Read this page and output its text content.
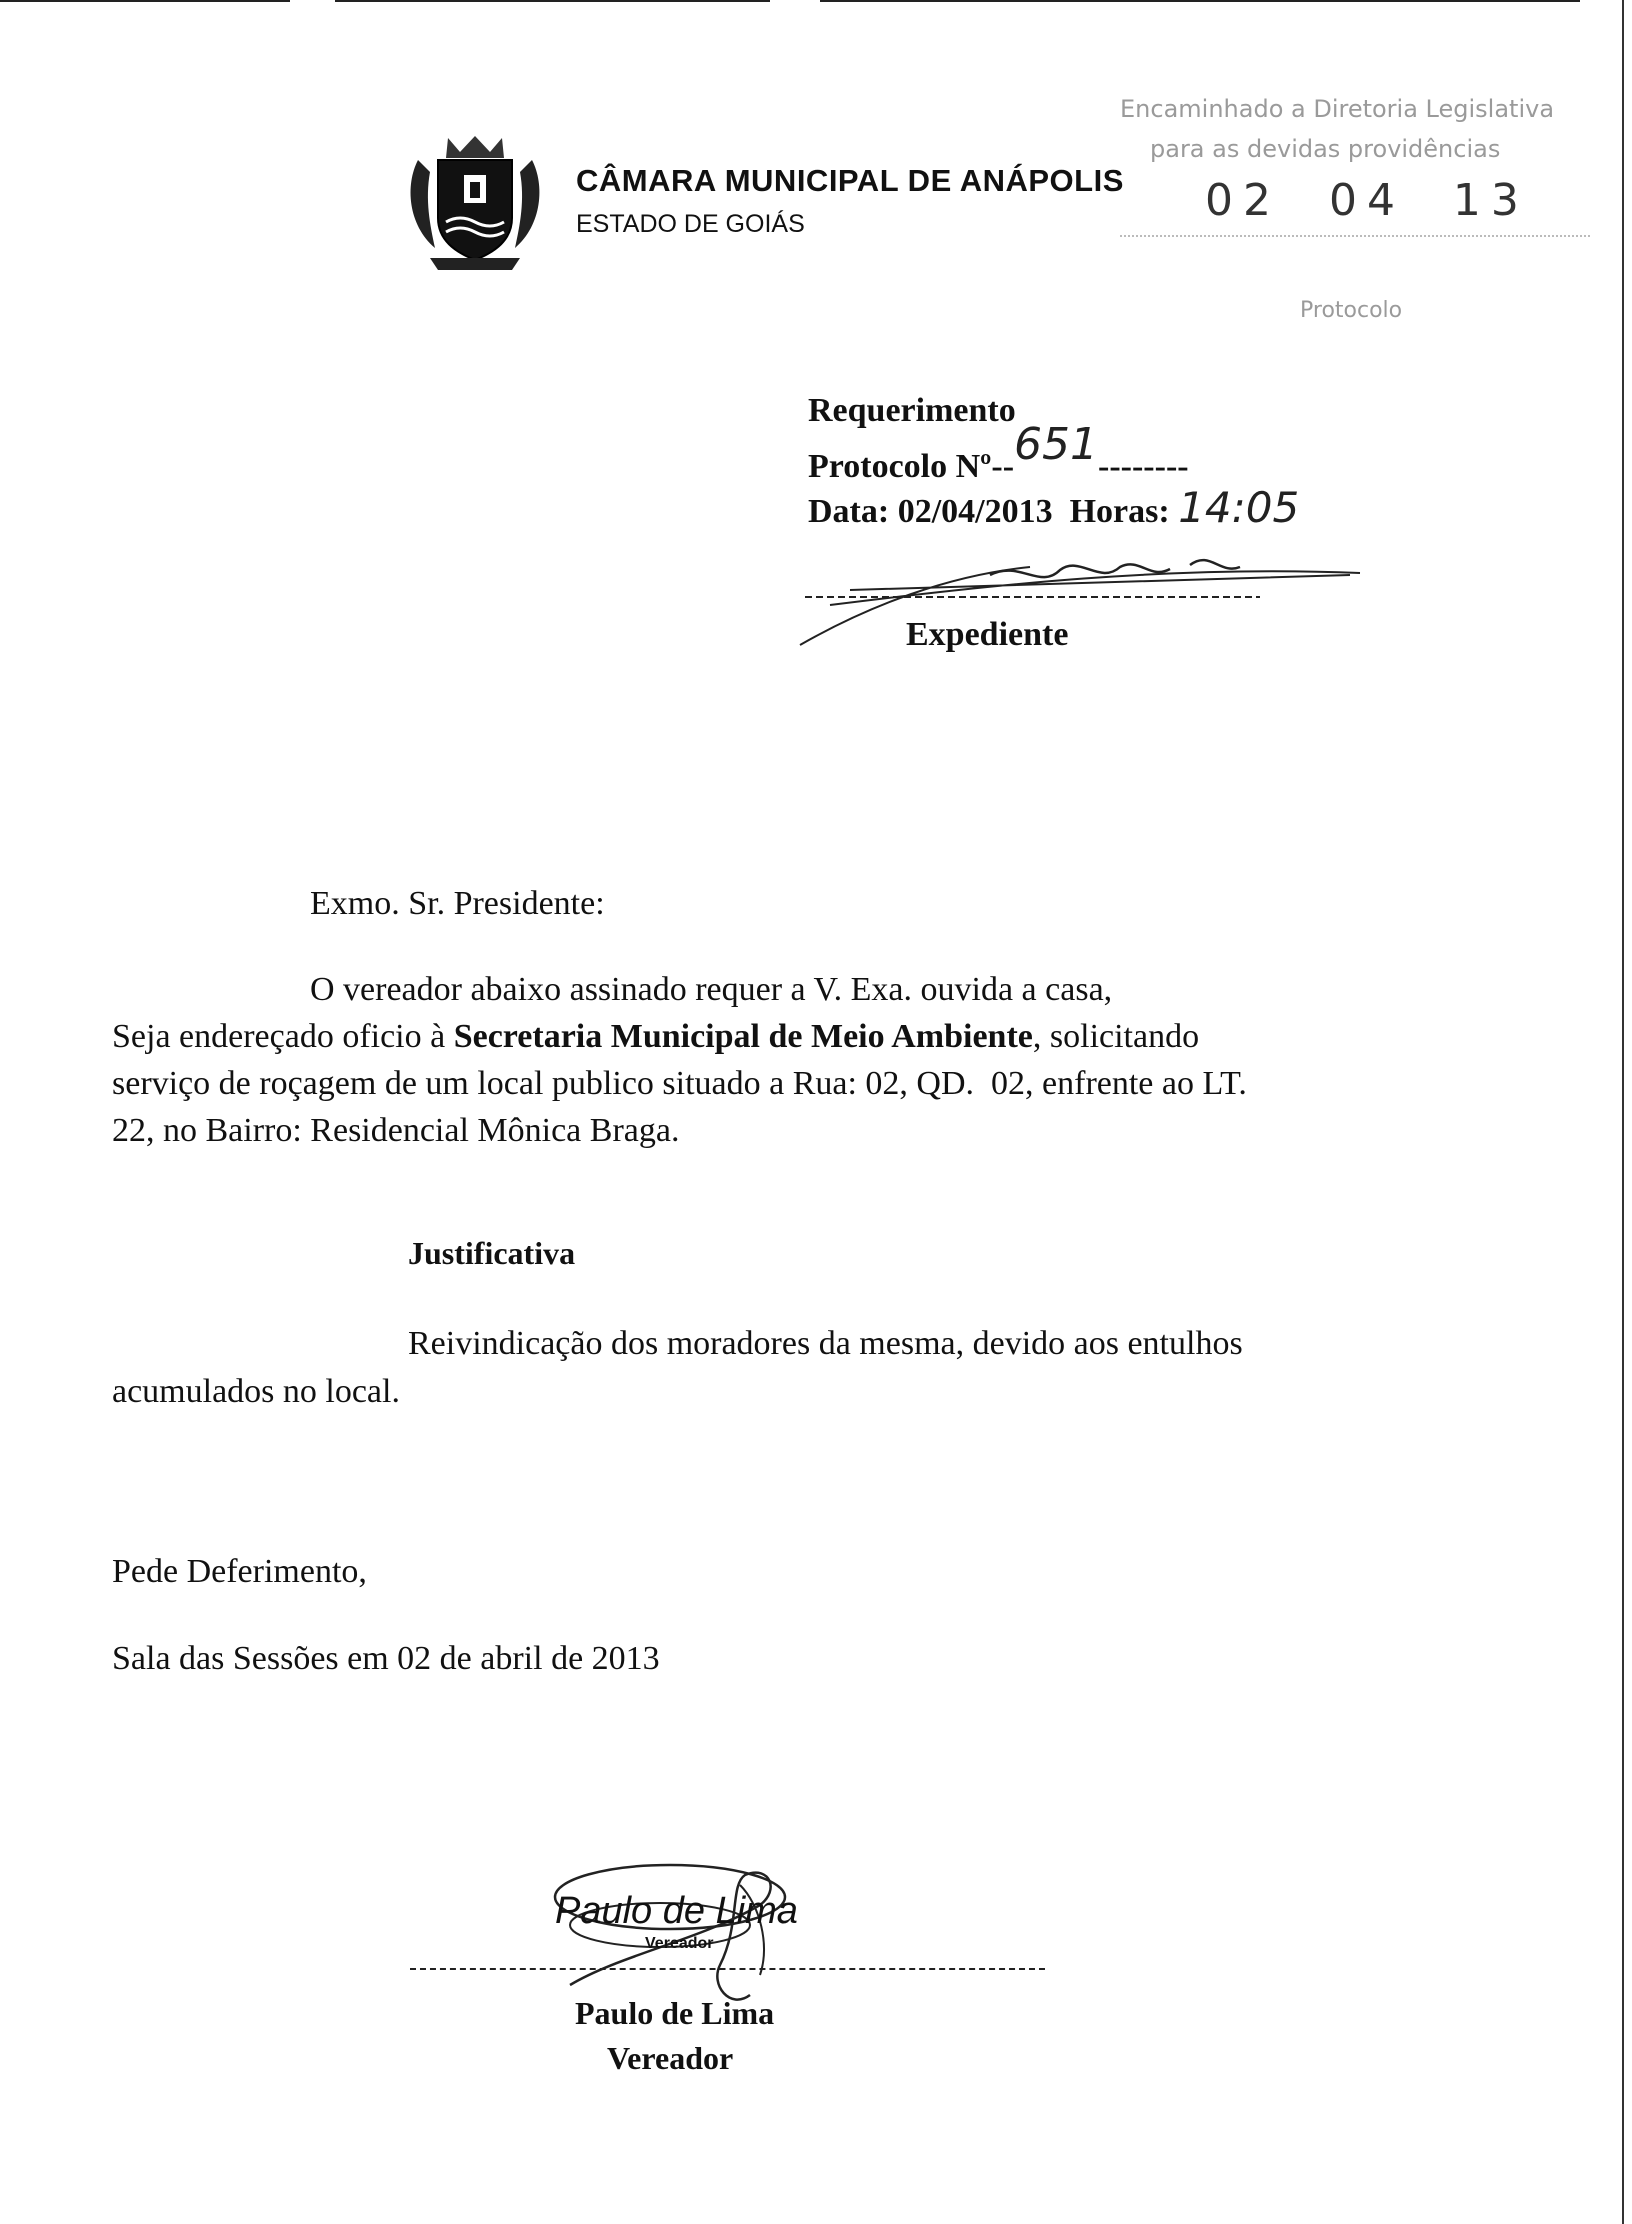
CÂMARA MUNICIPAL DE ANÁPOLIS
ESTADO DE GOIÁS
Encaminhado a Diretoria Legislativa
para as devidas providências
02  04  13
Protocolo
Requerimento
Protocolo Nº--651--------
Data: 02/04/2013 Horas: 14:05
Expediente
Exmo. Sr. Presidente:
O vereador abaixo assinado requer a V. Exa. ouvida a casa,
Seja endereçado oficio à Secretaria Municipal de Meio Ambiente, solicitando
serviço de roçagem de um local publico situado a Rua: 02, QD.  02, enfrente ao LT.
22, no Bairro: Residencial Mônica Braga.
Justificativa
Reivindicação dos moradores da mesma, devido aos entulhos
acumulados no local.
Pede Deferimento,
Sala das Sessões em 02 de abril de 2013
Paulo de Lima
Vereador
Paulo de Lima
Vereador
